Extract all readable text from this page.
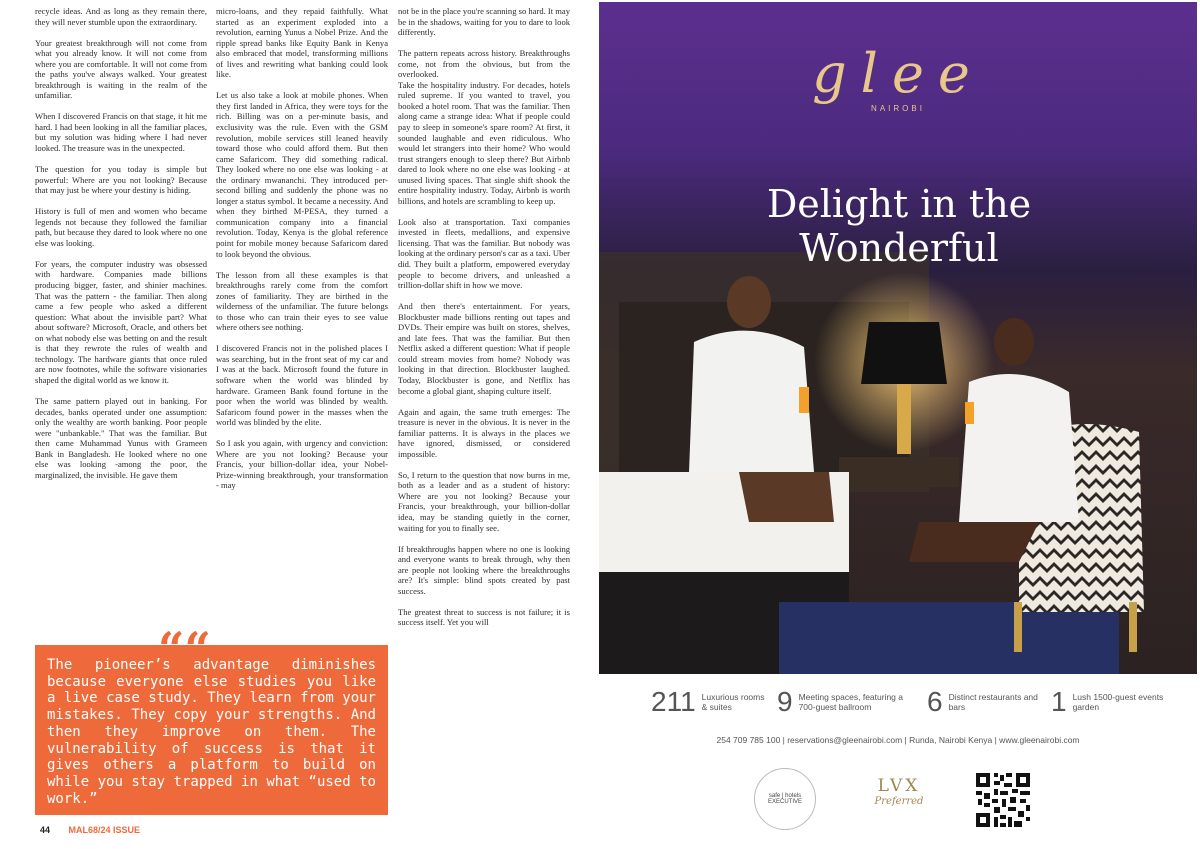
recycle ideas. And as long as they remain there, they will never stumble upon the extraordinary.

Your greatest breakthrough will not come from what you already know. It will not come from where you are comfortable. It will not come from the paths you've always walked. Your greatest breakthrough is waiting in the realm of the unfamiliar.

When I discovered Francis on that stage, it hit me hard. I had been looking in all the familiar places, but my solution was hiding where I had never looked. The treasure was in the unexpected.

The question for you today is simple but powerful: Where are you not looking? Because that may just be where your destiny is hiding.

History is full of men and women who became legends not because they followed the familiar path, but because they dared to look where no one else was looking.

For years, the computer industry was obsessed with hardware. Companies made billions producing bigger, faster, and shinier machines. That was the pattern - the familiar. Then along came a few people who asked a different question: What about the invisible part? What about software? Microsoft, Oracle, and others bet on what nobody else was betting on and the result is that they rewrote the rules of wealth and technology. The hardware giants that once ruled are now footnotes, while the software visionaries shaped the digital world as we know it.

The same pattern played out in banking. For decades, banks operated under one assumption: only the wealthy are worth banking. Poor people were "unbankable." That was the familiar. But then came Muhammad Yunus with Grameen Bank in Bangladesh. He looked where no one else was looking -among the poor, the marginalized, the invisible. He gave them

micro-loans, and they repaid faithfully. What started as an experiment exploded into a revolution, earning Yunus a Nobel Prize. And the ripple spread banks like Equity Bank in Kenya also embraced that model, transforming millions of lives and rewriting what banking could look like.

Let us also take a look at mobile phones. When they first landed in Africa, they were toys for the rich. Billing was on a per-minute basis, and exclusivity was the rule. Even with the GSM revolution, mobile services still leaned heavily toward those who could afford them. But then came Safaricom. They did something radical. They looked where no one else was looking - at the ordinary mwananchi. They introduced per-second billing and suddenly the phone was no longer a status symbol. It became a necessity. And when they birthed M-PESA, they turned a communication company into a financial revolution. Today, Kenya is the global reference point for mobile money because Safaricom dared to look beyond the obvious.

The lesson from all these examples is that breakthroughs rarely come from the comfort zones of familiarity. They are birthed in the wilderness of the unfamiliar. The future belongs to those who can train their eyes to see value where others see nothing.

I discovered Francis not in the polished places I was searching, but in the front seat of my car and I was at the back. Microsoft found the future in software when the world was blinded by hardware. Grameen Bank found fortune in the poor when the world was blinded by wealth. Safaricom found power in the masses when the world was blinded by the elite.

So I ask you again, with urgency and conviction: Where are you not looking? Because your Francis, your billion-dollar idea, your Nobel-Prize-winning breakthrough, your transformation - may

not be in the place you're scanning so hard. It may be in the shadows, waiting for you to dare to look differently.

The pattern repeats across history. Breakthroughs come, not from the obvious, but from the overlooked.
Take the hospitality industry. For decades, hotels ruled supreme. If you wanted to travel, you booked a hotel room. That was the familiar. Then along came a strange idea: What if people could pay to sleep in someone's spare room? At first, it sounded laughable and even ridiculous. Who would let strangers into their home? Who would trust strangers enough to sleep there? But Airbnb dared to look where no one else was looking - at unused living spaces. That single shift shook the entire hospitality industry. Today, Airbnb is worth billions, and hotels are scrambling to keep up.

Look also at transportation. Taxi companies invested in fleets, medallions, and expensive licensing. That was the familiar. But nobody was looking at the ordinary person's car as a taxi. Uber did. They built a platform, empowered everyday people to become drivers, and unleashed a trillion-dollar shift in how we move.

And then there's entertainment. For years, Blockbuster made billions renting out tapes and DVDs. Their empire was built on stores, shelves, and late fees. That was the familiar. But then Netflix asked a different question: What if people could stream movies from home? Nobody was looking in that direction. Blockbuster laughed. Today, Blockbuster is gone, and Netflix has become a global giant, shaping culture itself.

Again and again, the same truth emerges: The treasure is never in the obvious. It is never in the familiar patterns. It is always in the places we have ignored, dismissed, or considered impossible.

So, I return to the question that now burns in me, both as a leader and as a student of history: Where are you not looking? Because your Francis, your breakthrough, your billion-dollar idea, may be standing quietly in the corner, waiting for you to finally see.

If breakthroughs happen where no one is looking and everyone wants to break through, why then are people not looking where the breakthroughs are? It's simple: blind spots created by past success.

The greatest threat to success is not failure; it is success itself. Yet you will

The pioneer’s advantage diminishes because everyone else studies you like a live case study. They learn from your mistakes. They copy your strengths. And then they improve on them. The vulnerability of success is that it gives others a platform to build on while you stay trapped in what “used to work.”
““
44 MAL68/24 ISSUE
glee
NAIROBI
Delight in the Wonderful
211 Luxurious rooms & suites	9 Meeting spaces, featuring a 700-guest ballroom	6 Distinct restaurants and bars	1 Lush 1500-guest events garden
254 709 785 100 | reservations@gleenairobi.com | Runda, Nairobi Kenya | www.gleenairobi.com
safe | hotels EXECUTIVE
LVX
Preferred
